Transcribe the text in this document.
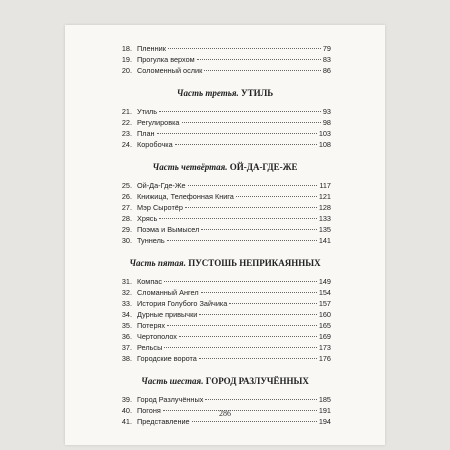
18. Пленник	79
19. Прогулка верхом	83
20. Соломенный ослик	86
Часть третья. УТИЛЬ
21. Утиль	93
22. Регулировка	98
23. План	103
24. Коробочка	108
Часть четвёртая. ОЙ-ДА-ГДЕ-ЖЕ
25. Ой-Да-Где-Же	117
26. Книжица, Телефонная Книга	121
27. Мэр Сыротёр	128
28. Хрясь	133
29. Поэма и Вымысел	135
30. Туннель	141
Часть пятая. ПУСТОШЬ НЕПРИКАЯННЫХ
31. Компас	149
32. Сломанный Ангел	154
33. История Голубого Зайчика	157
34. Дурные привычки	160
35. Потерях	165
36. Чертополох	169
37. Рельсы	173
38. Городские ворота	176
Часть шестая. ГОРОД РАЗЛУЧЁННЫХ
39. Город Разлучённых	185
40. Погоня	191
41. Представление	194
286
